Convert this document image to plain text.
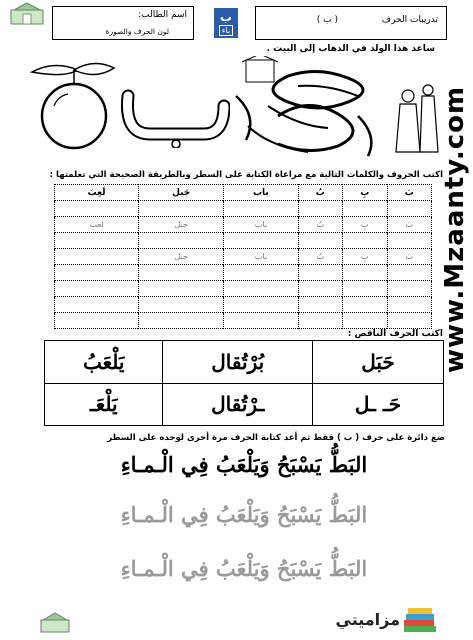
اسم الطالب:
لون الحرف والصورة
ب
باء
تدريبات الحرف
( ب )
ساعد هذا الولد في الذهاب إلى البيت .
اكتب الحروف والكلمات التالية مع مراعاة الكتابة على السطر وبالطريقة الصحيحة التي تعلمتها :
بَ	بِ	بُ	باب	جَبل	لَعِبَ

بَ	بِ	بُ	باب	جبل	لعب

بَ	بِ	بُ	باب	جبل	

اكتب الحرف الناقص :
حَبَل	بُرْتُقال	يَلْعَبُ
حَـ ـل	ـرْتُقال	يَلْعَـ
ضع دائرة على حرف ( ب ) فقط ثم أعد كتابة الحرف مرة أخرى لوحده على السطر
البَطُّ يَسْبَحُ وَيَلْعَبُ فِي الْـمـاءِ
البَطُّ يَسْبَحُ وَيَلْعَبُ فِي الْـمـاءِ
البَطُّ يَسْبَحُ وَيَلْعَبُ فِي الْـمـاءِ
www.Mzaanty.com
مزاميتي
